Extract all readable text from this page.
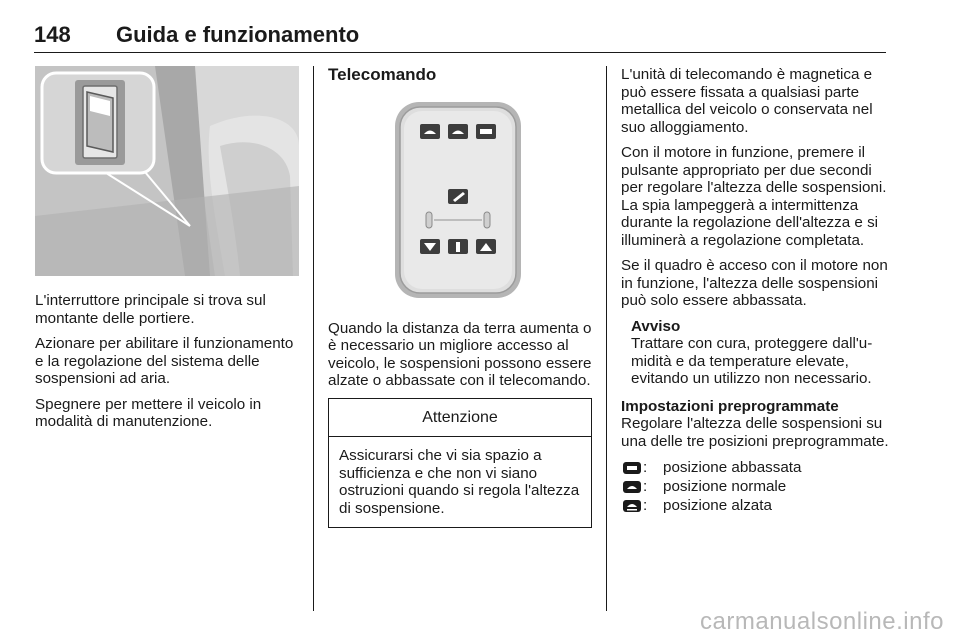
148 Guida e funzionamento

L'interruttore principale si trova sul montante delle portiere.

Azionare per abilitare il funzionamento e la regolazione del sistema delle sospensioni ad aria.

Spegnere per mettere il veicolo in modalità di manutenzione.

Telecomando

Quando la distanza da terra aumenta o è necessario un migliore accesso al veicolo, le sospensioni possono essere alzate o abbassate con il telecomando.

Attenzione
Assicurarsi che vi sia spazio a sufficienza e che non vi siano ostruzioni quando si regola l'altezza di sospensione.

L'unità di telecomando è magnetica e può essere fissata a qualsiasi parte metallica del veicolo o conservata nel suo alloggiamento.

Con il motore in funzione, premere il pulsante appropriato per due secondi per regolare l'altezza delle sospensioni. La spia lampeggerà a intermittenza durante la regolazione dell'altezza e si illuminerà a regolazione completata.

Se il quadro è acceso con il motore non in funzione, l'altezza delle sospensioni può solo essere abbassata.

Avviso
Trattare con cura, proteggere dall'umidità e da temperature elevate, evitando un utilizzo non necessario.
Impostazioni preprogrammate

Regolare l'altezza delle sospensioni su una delle tre posizioni preprogrammate.

:	posizione abbassata
:	posizione normale
:	posizione alzata
carmanualsonline.info
